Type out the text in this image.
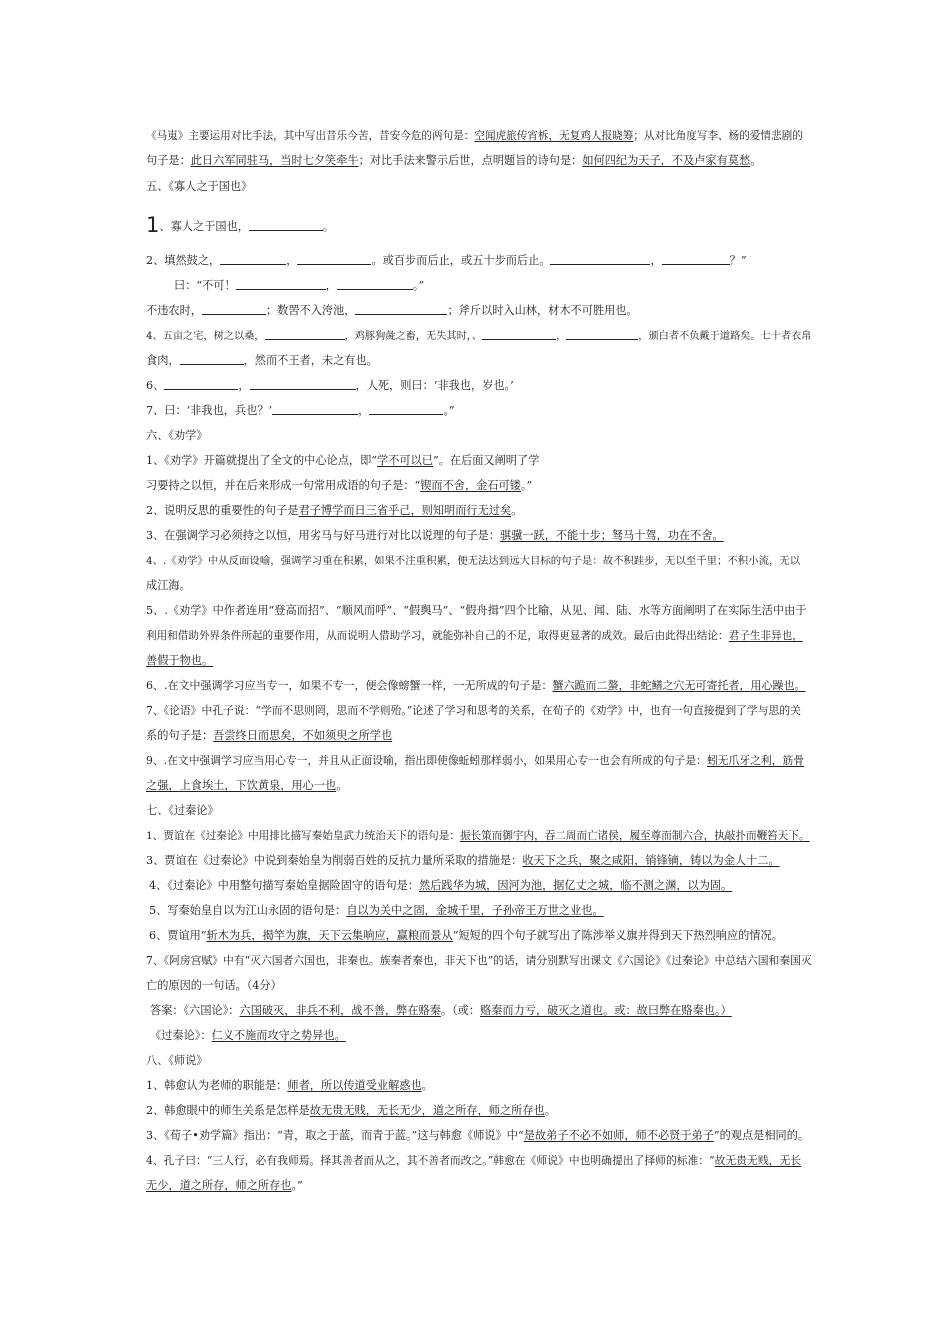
《马嵬》主要运用对比手法，其中写出昔乐今苦，昔安今危的两句是：空闻虎旅传宵柝，无复鸡人报晓筹；从对比角度写李、杨的爱情悲剧的
句子是：此日六军同驻马，当时七夕笑牵牛；对比手法来警示后世，点明题旨的诗句是：如何四纪为天子，不及卢家有莫愁。
五、《寡人之于国也》
1、寡人之于国也，	。
2、填然鼓之，	，	。或百步而后止，或五十步而后止。	，	？”
曰：“不可！	，	。”
不违农时，	；数罟不入洿池，	；斧斤以时入山林，材木不可胜用也。
4、五亩之宅，树之以桑，	，鸡豚狗彘之畜，无失其时，、	，	，颁白者不负戴于道路矣。七十者衣帛
食肉，	，然而不王者，未之有也。
6、	，	，人死，则曰：‘非我也，岁也。’
7、曰：‘非我也，兵也？’	，	。”
六、《劝学》
1、《劝学》开篇就提出了全文的中心论点，即“学不可以已”。在后面又阐明了学
习要持之以恒，并在后来形成一句常用成语的句子是：“锲而不舍，金石可镂。”
2、说明反思的重要性的句子是君子博学而日三省乎己，则知明而行无过矣。
3、在强调学习必须持之以恒，用劣马与好马进行对比以说理的句子是：骐骥一跃，不能十步；驽马十驾，功在不舍。
4、.《劝学》中从反面设喻，强调学习重在积累，如果不注重积累，便无法达到远大目标的句子是：故不积跬步，无以至千里；不积小流，无以
成江海。
5、.《劝学》中作者连用“登高而招”、“顺风而呼”、“假舆马”、“假舟揖”四个比喻，从见、闻、陆、水等方面阐明了在实际生活中由于
利用和借助外界条件所起的重要作用，从而说明人借助学习，就能弥补自己的不足，取得更显著的成效。最后由此得出结论：君子生非异也，
善假于物也。
6、.在文中强调学习应当专一，如果不专一，便会像螃蟹一样，一无所成的句子是：蟹六跪而二螯，非蛇鳝之穴无可寄托者，用心躁也。
7、《论语》中孔子说：“学而不思则罔，思而不学则殆。”论述了学习和思考的关系，在荀子的《劝学》中，也有一句直接提到了学与思的关
系的句子是：吾尝终日而思矣，不如须臾之所学也
9、.在文中强调学习应当用心专一，并且从正面设喻，指出即使像蚯蚓那样弱小，如果用心专一也会有所成的句子是：蚓无爪牙之利，筋骨
之强，上食埃土，下饮黄泉，用心一也。
七、《过秦论》
1、贾谊在《过秦论》中用排比描写秦始皇武力统治天下的语句是：振长策而御宇内，吞二周而亡诸侯，履至尊而制六合，执敲扑而鞭笞天下。
3、贾谊在《过秦论》中说到秦始皇为削弱百姓的反抗力量所采取的措施是：收天下之兵，聚之咸阳，销锋镝，铸以为金人十二。
4、《过秦论》中用整句描写秦始皇据险固守的语句是：然后践华为城，因河为池，据亿丈之城，临不测之渊，以为固。
5、写秦始皇自以为江山永固的语句是：自以为关中之固，金城千里，子孙帝王万世之业也。
6、贾谊用“斩木为兵，揭竿为旗，天下云集响应，赢粮而景从”短短的四个句子就写出了陈涉举义旗并得到天下热烈响应的情况。
7、《阿房宫赋》中有“灭六国者六国也，非秦也。族秦者秦也，非天下也”的话，请分别默写出课文《六国论》《过秦论》中总结六国和秦国灭
亡的原因的一句话。（4分）
答案：《六国论》：六国破灭，非兵不利，战不善，弊在赂秦。（或：赂秦而力亏，破灭之道也。或：故曰弊在赂秦也。）
《过秦论》：仁义不施而攻守之势异也。
八、《师说》
1、韩愈认为老师的职能是：师者，所以传道受业解惑也。
2、韩愈眼中的师生关系是怎样是故无贵无贱，无长无少，道之所存，师之所存也。
3、《荀子•劝学篇》指出：“青，取之于蓝，而青于蓝。”这与韩愈《师说》中“是故弟子不必不如师，师不必贤于弟子”的观点是相同的。
4、孔子曰：“三人行，必有我师焉。择其善者而从之，其不善者而改之。”韩愈在《师说》中也明确提出了择师的标准：“故无贵无贱，无长
无少，道之所存，师之所存也。”
